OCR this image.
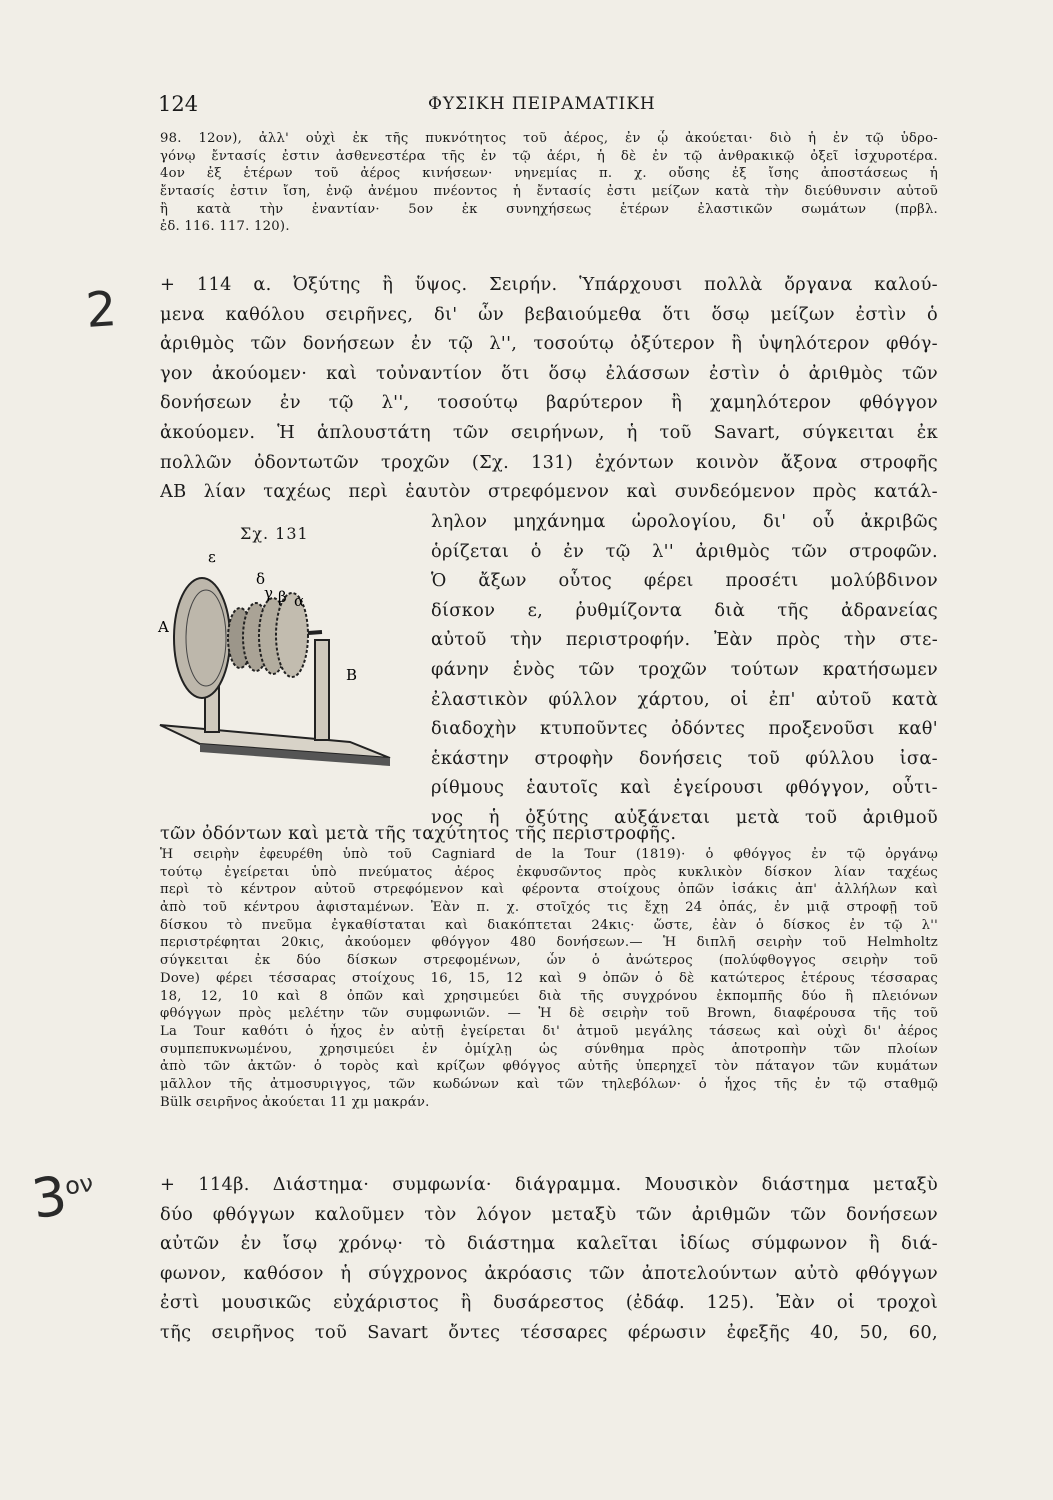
124	ΦΥΣΙΚΗ ΠΕΙΡΑΜΑΤΙΚΗ
98. 12ον), ἀλλ' οὐχὶ ἐκ τῆς πυκνότητος τοῦ ἀέρος, ἐν ᾧ ἀκούεται· διὸ ἡ ἐν τῷ ὑδρο-
γόνῳ ἔντασίς ἐστιν ἀσθενεστέρα τῆς ἐν τῷ ἀέρι, ἡ δὲ ἐν τῷ ἀνθρακικῷ ὀξεῖ ἰσχυροτέρα.
4ον ἐξ ἑτέρων τοῦ ἀέρος κινήσεων· νηνεμίας π. χ. οὔσης ἐξ ἴσης ἀποστάσεως ἡ
ἔντασίς ἐστιν ἴση, ἐνῷ ἀνέμου πνέοντος ἡ ἔντασίς ἐστι μείζων κατὰ τὴν διεύθυνσιν αὐτοῦ
ἢ κατὰ τὴν ἐναντίαν· 5ον ἐκ συνηχήσεως ἑτέρων ἐλαστικῶν σωμάτων (πρβλ.
ἐδ. 116. 117. 120).
+ 114 α. Ὀξύτης ἢ ὕψος. Σειρήν. Ὑπάρχουσι πολλὰ ὄργανα καλού-
μενα καθόλου σειρῆνες, δι' ὧν βεβαιούμεθα ὅτι ὅσῳ μείζων ἐστὶν ὁ
ἀριθμὸς τῶν δονήσεων ἐν τῷ λ'', τοσούτῳ ὀξύτερον ἢ ὑψηλότερον φθόγ-
γον ἀκούομεν· καὶ τοὐναντίον ὅτι ὅσῳ ἐλάσσων ἐστὶν ὁ ἀριθμὸς τῶν
δονήσεων ἐν τῷ λ'', τοσούτῳ βαρύτερον ἢ χαμηλότερον φθόγγον
ἀκούομεν. Ἡ ἁπλουστάτη τῶν σειρήνων, ἡ τοῦ Savart, σύγκειται ἐκ
πολλῶν ὀδοντωτῶν τροχῶν (Σχ. 131) ἐχόντων κοινὸν ἄξονα στροφῆς
ΑΒ λίαν ταχέως περὶ ἑαυτὸν στρεφόμενον καὶ συνδεόμενον πρὸς κατάλ-
ληλον μηχάνημα ὡρολογίου, δι' οὗ ἀκριβῶς
ὁρίζεται ὁ ἐν τῷ λ'' ἀριθμὸς τῶν στροφῶν.
Ὁ ἄξων οὗτος φέρει προσέτι μολύβδινον
δίσκον ε, ῥυθμίζοντα διὰ τῆς ἀδρανείας
αὐτοῦ τὴν περιστροφήν. Ἐὰν πρὸς τὴν στε-
φάνην ἑνὸς τῶν τροχῶν τούτων κρατήσωμεν
ἐλαστικὸν φύλλον χάρτου, οἱ ἐπ' αὐτοῦ κατὰ
διαδοχὴν κτυποῦντες ὀδόντες προξενοῦσι καθ'
ἑκάστην στροφὴν δονήσεις τοῦ φύλλου ἰσα-
ρίθμους ἑαυτοῖς καὶ ἐγείρουσι φθόγγον, οὗτι-
νος ἡ ὀξύτης αὐξάνεται μετὰ τοῦ ἀριθμοῦ
τῶν ὀδόντων καὶ μετὰ τῆς ταχύτητος τῆς περιστροφῆς.
Σχ. 131
ε
δ
γ β α
Α
Β
Ἡ σειρὴν ἐφευρέθη ὑπὸ τοῦ Cagniard de la Tour (1819)· ὁ φθόγγος ἐν τῷ ὀργάνῳ
τούτῳ ἐγείρεται ὑπὸ πνεύματος ἀέρος ἐκφυσῶντος πρὸς κυκλικὸν δίσκον λίαν ταχέως
περὶ τὸ κέντρον αὐτοῦ στρεφόμενον καὶ φέροντα στοίχους ὀπῶν ἰσάκις ἀπ' ἀλλήλων καὶ
ἀπὸ τοῦ κέντρου ἀφισταμένων. Ἐὰν π. χ. στοῖχός τις ἔχῃ 24 ὀπάς, ἐν μιᾷ στροφῇ τοῦ
δίσκου τὸ πνεῦμα ἐγκαθίσταται καὶ διακόπτεται 24κις· ὥστε, ἐὰν ὁ δίσκος ἐν τῷ λ''
περιστρέφηται 20κις, ἀκούομεν φθόγγον 480 δονήσεων.— Ἡ διπλῆ σειρὴν τοῦ Helmholtz
σύγκειται ἐκ δύο δίσκων στρεφομένων, ὧν ὁ ἀνώτερος (πολύφθογγος σειρὴν τοῦ
Dove) φέρει τέσσαρας στοίχους 16, 15, 12 καὶ 9 ὀπῶν ὁ δὲ κατώτερος ἑτέρους τέσσαρας
18, 12, 10 καὶ 8 ὀπῶν καὶ χρησιμεύει διὰ τῆς συγχρόνου ἐκπομπῆς δύο ἢ πλειόνων
φθόγγων πρὸς μελέτην τῶν συμφωνιῶν. — Ἡ δὲ σειρὴν τοῦ Brown, διαφέρουσα τῆς τοῦ
La Tour καθότι ὁ ἦχος ἐν αὐτῇ ἐγείρεται δι' ἀτμοῦ μεγάλης τάσεως καὶ οὐχὶ δι' ἀέρος
συμπεπυκνωμένου, χρησιμεύει ἐν ὁμίχλῃ ὡς σύνθημα πρὸς ἀποτροπὴν τῶν πλοίων
ἀπὸ τῶν ἀκτῶν· ὁ τορὸς καὶ κρίζων φθόγγος αὐτῆς ὑπερηχεῖ τὸν πάταγον τῶν κυμάτων
μᾶλλον τῆς ἀτμοσυριγγος, τῶν κωδώνων καὶ τῶν τηλεβόλων· ὁ ἦχος τῆς ἐν τῷ σταθμῷ
Bülk σειρῆνος ἀκούεται 11 χμ μακράν.
+ 114β. Διάστημα· συμφωνία· διάγραμμα. Μουσικὸν διάστημα μεταξὺ
δύο φθόγγων καλοῦμεν τὸν λόγον μεταξὺ τῶν ἀριθμῶν τῶν δονήσεων
αὐτῶν ἐν ἴσῳ χρόνῳ· τὸ διάστημα καλεῖται ἰδίως σύμφωνον ἢ διά-
φωνον, καθόσον ἡ σύγχρονος ἀκρόασις τῶν ἀποτελούντων αὐτὸ φθόγγων
ἐστὶ μουσικῶς εὐχάριστος ἢ δυσάρεστος (ἐδάφ. 125). Ἐὰν οἱ τροχοὶ
τῆς σειρῆνος τοῦ Savart ὄντες τέσσαρες φέρωσιν ἐφεξῆς 40, 50, 60,
2
$3^{o\nu}$
